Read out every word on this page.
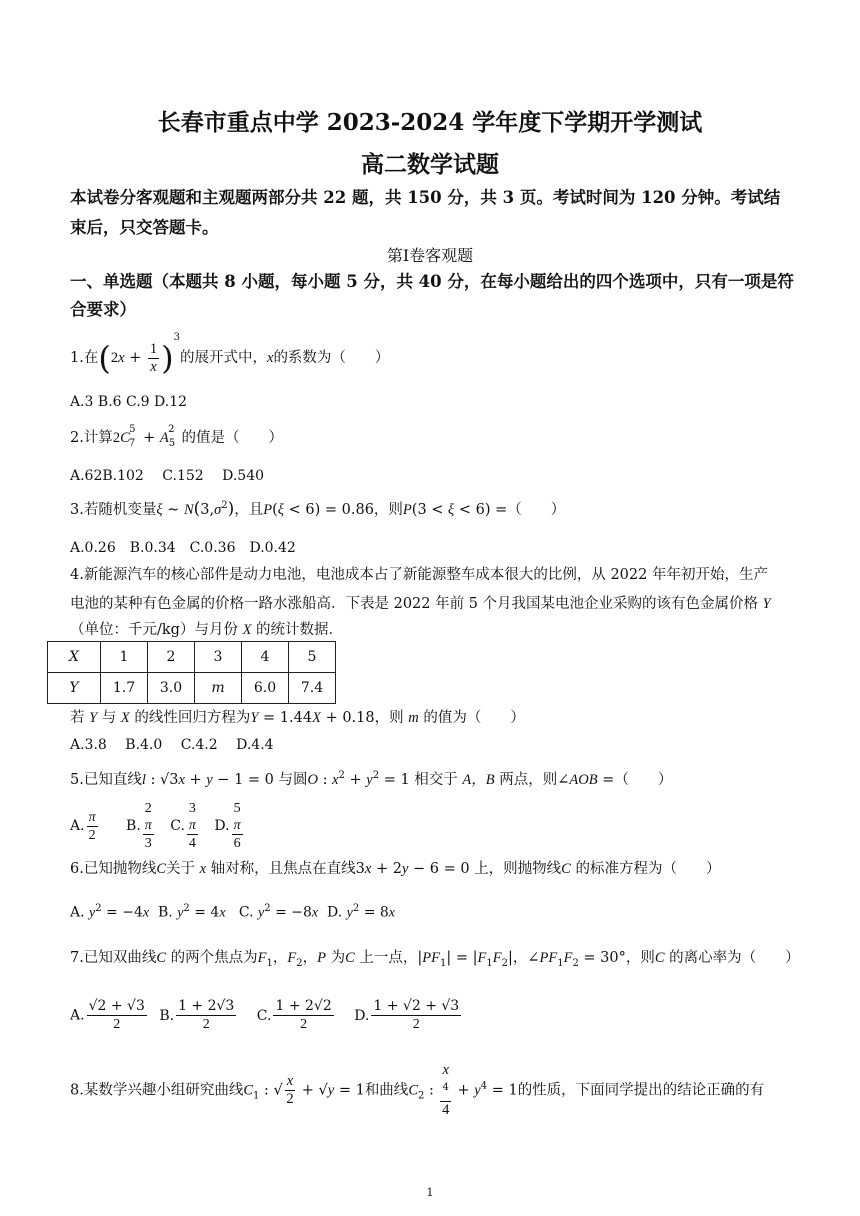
长春市重点中学 2023-2024 学年度下学期开学测试
高二数学试题
本试卷分客观题和主观题两部分共 22 题，共 150 分，共 3 页。考试时间为 120 分钟。考试结束后，只交答题卡。
第Ⅰ卷客观题
一、单选题（本题共 8 小题，每小题 5 分，共 40 分，在每小题给出的四个选项中，只有一项是符合要求）
1.在$(2x + \frac{1}{x} )^3$的展开式中，x的系数为（　　）
A.3 B.6 C.9 D.12
2.计算$2C_7^5 + A_5^2$的值是（　　）
A.62B.102　 C.152　 D.540
3.若随机变量ξ ~ $N(3,\sigma^2)$，且P(ξ < 6) = 0.86，则P(3 < ξ < 6) =（　　）
A.0.26　B.0.34　C.0.36　D.0.42
4.新能源汽车的核心部件是动力电池，电池成本占了新能源整车成本很大的比例，从 2022 年年初开始，生产
电池的某种有色金属的价格一路水涨船高．下表是 2022 年前 5 个月我国某电池企业采购的该有色金属价格 Y
（单位：千元/kg）与月份 X 的统计数据．
X	1	2	3	4	5
Y	1.7	3.0	m	6.0	7.4
若 Y 与 X 的线性回归方程为Y = 1.44X + 0.18，则 m 的值为（　　）
A.3.8　 B.4.0　 C.4.2　 D.4.4
5.已知直线l : √3x + y − 1 = 0 与圆O : $x^2 + y^2 = 1$ 相交于 A，B 两点，则∠AOB =（　　）
A. $\frac{\pi}{2} B$. 2
π
3 C. 3
π
4 D. 5
π
6
6.已知抛物线C关于 x 轴对称，且焦点在直线3x + 2y − 6 = 0 上，则抛物线C 的标准方程为（　　）
A. $y^2 = -4x$  B. $y^2 = 4x$   C. $y^2 = -8x$  D. $y^2 = 8x$
7.已知双曲线C 的两个焦点为$F_1$，$F_2$，P 为C 上一点，$|PF_1| = |F_1F_2|$，$\angle PF_1F_2 = 30^\circ$，则C 的离心率为（　　）
A. $\frac{√2 + √3}{2} B$. $\frac{1 + 2√3}{2} C$. $\frac{1 + 2√2}{2} D$. $\frac{1 + √2 + √3}{2}$
8.某数学兴趣小组研究曲线$C_1$ : √ $\frac{x}{2} + √y = 1$和曲线$C_2$ : x
$^4$
$4 + y^4 = 1$的性质，下面同学提出的结论正确的有
1
